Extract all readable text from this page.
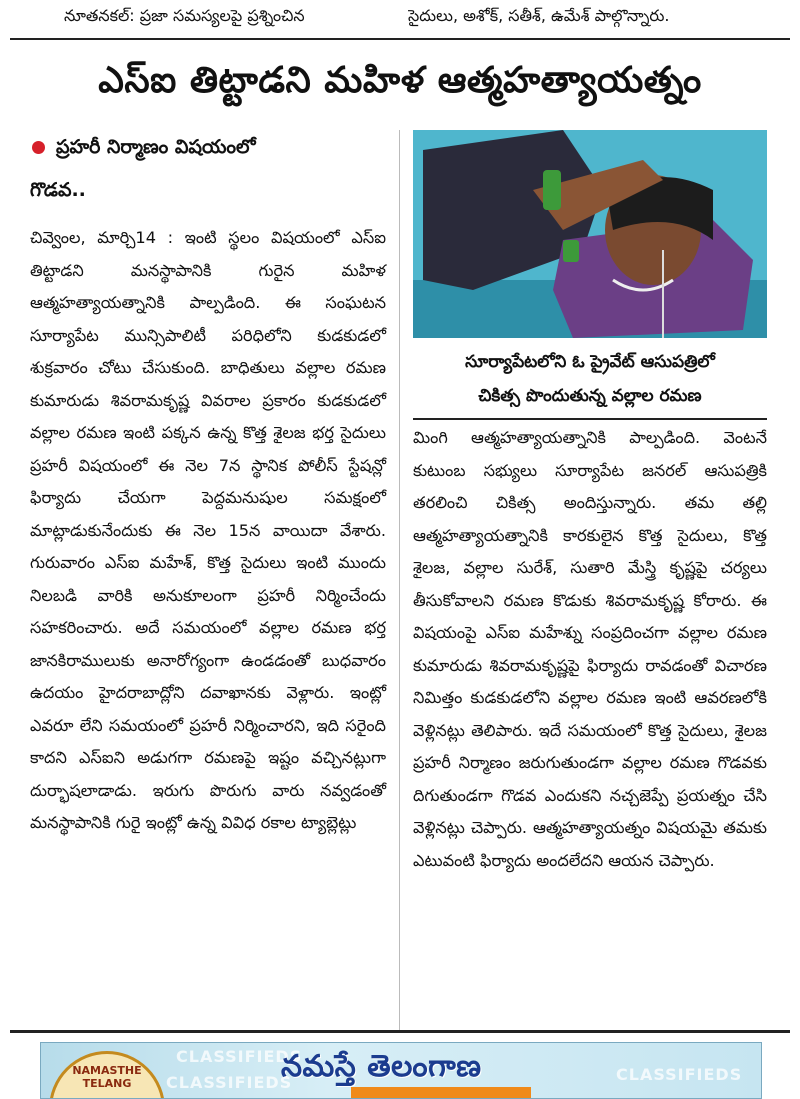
నూతనకల్: ప్రజా సమస్యలపై ప్రశ్నించిన	సైదులు, అశోక్, సతీశ్, ఉమేశ్ పాల్గొన్నారు.
ఎస్ఐ తిట్టాడని మహిళ ఆత్మహత్యాయత్నం
ప్రహరీ నిర్మాణం విషయంలో
గొడవ..

చివ్వెంల, మార్చి14 : ఇంటి స్థలం విషయంలో ఎస్ఐ తిట్టాడని మనస్థాపానికి గురైన మహిళ ఆత్మహత్యాయత్నానికి పాల్పడింది. ఈ సంఘటన సూర్యాపేట మున్సిపాలిటీ పరిధిలోని కుడకుడలో శుక్రవారం చోటు చేసుకుంది. బాధితులు వల్లాల రమణ కుమారుడు శివరామకృష్ణ వివరాల ప్రకారం కుడకుడలో వల్లాల రమణ ఇంటి పక్కన ఉన్న కొత్త శైలజ భర్త సైదులు ప్రహరీ విషయంలో ఈ నెల 7న స్థానిక పోలీస్ స్టేషన్లో ఫిర్యాదు చేయగా పెద్దమనుషుల సమక్షంలో మాట్లాడుకునేందుకు ఈ నెల 15న వాయిదా వేశారు. గురువారం ఎస్ఐ మహేశ్, కొత్త సైదులు ఇంటి ముందు నిలబడి వారికి అనుకూలంగా ప్రహరీ నిర్మించేందు సహకరించారు. అదే సమయంలో వల్లాల రమణ భర్త జానకిరాములుకు అనారోగ్యంగా ఉండడంతో బుధవారం ఉదయం హైదరాబాద్లోని దవాఖానకు వెళ్లారు. ఇంట్లో ఎవరూ లేని సమయంలో ప్రహరీ నిర్మించారని, ఇది సరైంది కాదని ఎస్ఐని అడుగగా రమణపై ఇష్టం వచ్చినట్లుగా దుర్భాషలాడాడు. ఇరుగు పొరుగు వారు నవ్వడంతో మనస్థాపానికి గురై ఇంట్లో ఉన్న వివిధ రకాల ట్యాబ్లెట్లు

సూర్యాపేటలోని ఓ ప్రైవేట్ ఆసుపత్రిలో
చికిత్స పొందుతున్న వల్లాల రమణ

మింగి ఆత్మహత్యాయత్నానికి పాల్పడింది. వెంటనే కుటుంబ సభ్యులు సూర్యాపేట జనరల్ ఆసుపత్రికి తరలించి చికిత్స అందిస్తున్నారు. తమ తల్లి ఆత్మహత్యాయత్నానికి కారకులైన కొత్త సైదులు, కొత్త శైలజ, వల్లాల సురేశ్, సుతారి మేస్త్రి కృష్ణపై చర్యలు తీసుకోవాలని రమణ కొడుకు శివరామకృష్ణ కోరారు. ఈ విషయంపై ఎస్ఐ మహేశ్ను సంప్రదించగా వల్లాల రమణ కుమారుడు శివరామకృష్ణపై ఫిర్యాదు రావడంతో విచారణ నిమిత్తం కుడకుడలోని వల్లాల రమణ ఇంటి ఆవరణలోకి వెళ్లినట్లు తెలిపారు. ఇదే సమయంలో కొత్త సైదులు, శైలజ ప్రహరీ నిర్మాణం జరుగుతుండగా వల్లాల రమణ గొడవకు దిగుతుండగా గొడవ ఎందుకని నచ్చజెప్పే ప్రయత్నం చేసి వెళ్లినట్లు చెప్పారు. ఆత్మహత్యాయత్నం విషయమై తమకు ఎటువంటి ఫిర్యాదు అందలేదని ఆయన చెప్పారు.

NAMASTHE TELANG
CLASSIFIEDS
CLASSIFIEDS
CLASSIFIEDS
నమస్తే తెలంగాణ
